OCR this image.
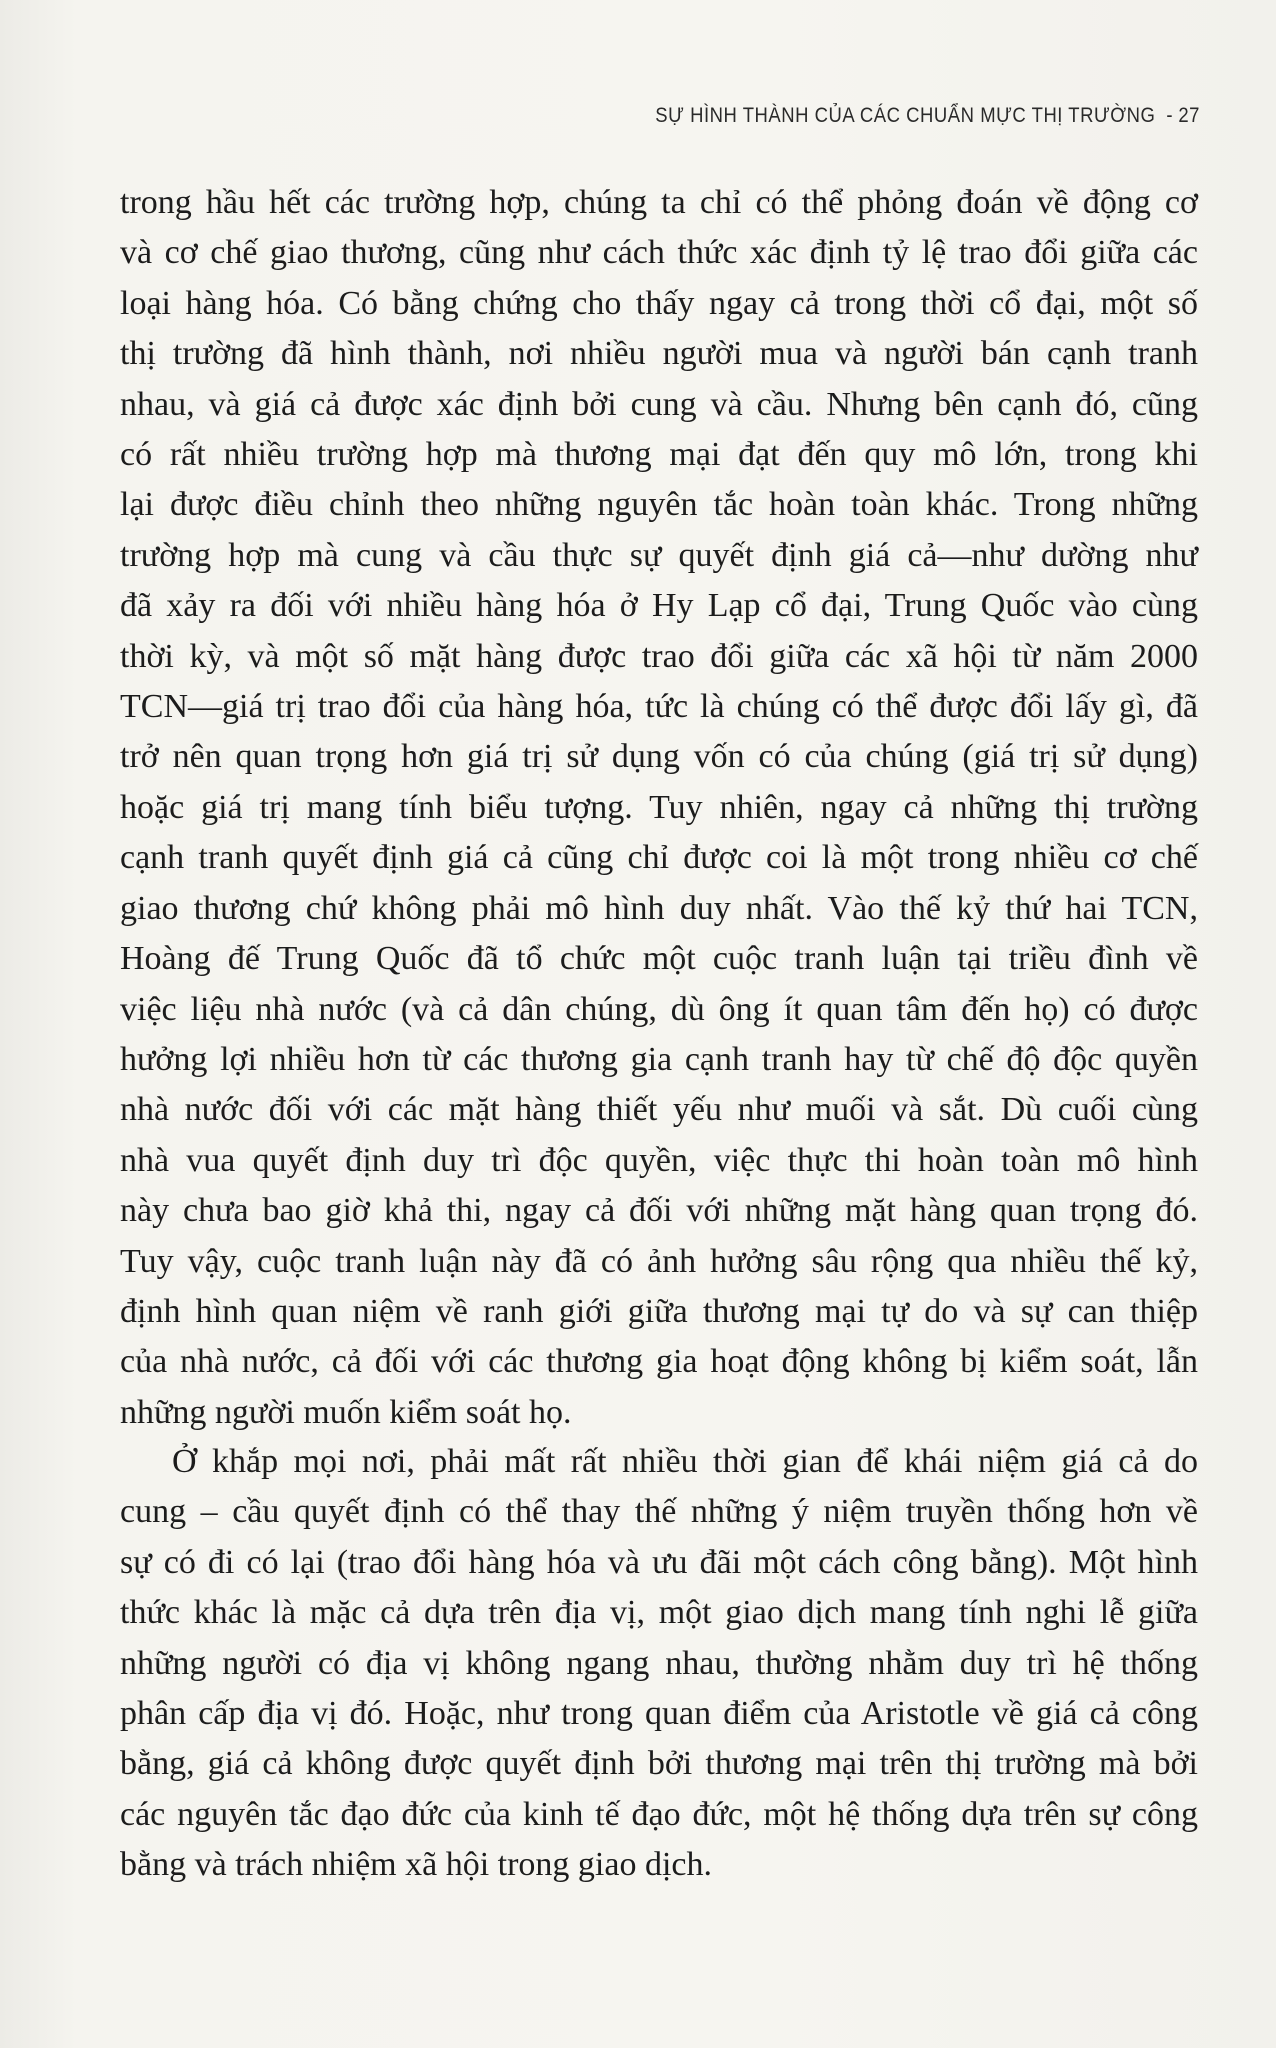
SỰ HÌNH THÀNH CỦA CÁC CHUẨN MỰC THỊ TRƯỜNG - 27
trong hầu hết các trường hợp, chúng ta chỉ có thể phỏng đoán về động cơ
và cơ chế giao thương, cũng như cách thức xác định tỷ lệ trao đổi giữa các
loại hàng hóa. Có bằng chứng cho thấy ngay cả trong thời cổ đại, một số
thị trường đã hình thành, nơi nhiều người mua và người bán cạnh tranh
nhau, và giá cả được xác định bởi cung và cầu. Nhưng bên cạnh đó, cũng
có rất nhiều trường hợp mà thương mại đạt đến quy mô lớn, trong khi
lại được điều chỉnh theo những nguyên tắc hoàn toàn khác. Trong những
trường hợp mà cung và cầu thực sự quyết định giá cả—như dường như
đã xảy ra đối với nhiều hàng hóa ở Hy Lạp cổ đại, Trung Quốc vào cùng
thời kỳ, và một số mặt hàng được trao đổi giữa các xã hội từ năm 2000
TCN—giá trị trao đổi của hàng hóa, tức là chúng có thể được đổi lấy gì, đã
trở nên quan trọng hơn giá trị sử dụng vốn có của chúng (giá trị sử dụng)
hoặc giá trị mang tính biểu tượng. Tuy nhiên, ngay cả những thị trường
cạnh tranh quyết định giá cả cũng chỉ được coi là một trong nhiều cơ chế
giao thương chứ không phải mô hình duy nhất. Vào thế kỷ thứ hai TCN,
Hoàng đế Trung Quốc đã tổ chức một cuộc tranh luận tại triều đình về
việc liệu nhà nước (và cả dân chúng, dù ông ít quan tâm đến họ) có được
hưởng lợi nhiều hơn từ các thương gia cạnh tranh hay từ chế độ độc quyền
nhà nước đối với các mặt hàng thiết yếu như muối và sắt. Dù cuối cùng
nhà vua quyết định duy trì độc quyền, việc thực thi hoàn toàn mô hình
này chưa bao giờ khả thi, ngay cả đối với những mặt hàng quan trọng đó.
Tuy vậy, cuộc tranh luận này đã có ảnh hưởng sâu rộng qua nhiều thế kỷ,
định hình quan niệm về ranh giới giữa thương mại tự do và sự can thiệp
của nhà nước, cả đối với các thương gia hoạt động không bị kiểm soát, lẫn
những người muốn kiểm soát họ.
Ở khắp mọi nơi, phải mất rất nhiều thời gian để khái niệm giá cả do
cung – cầu quyết định có thể thay thế những ý niệm truyền thống hơn về
sự có đi có lại (trao đổi hàng hóa và ưu đãi một cách công bằng). Một hình
thức khác là mặc cả dựa trên địa vị, một giao dịch mang tính nghi lễ giữa
những người có địa vị không ngang nhau, thường nhằm duy trì hệ thống
phân cấp địa vị đó. Hoặc, như trong quan điểm của Aristotle về giá cả công
bằng, giá cả không được quyết định bởi thương mại trên thị trường mà bởi
các nguyên tắc đạo đức của kinh tế đạo đức, một hệ thống dựa trên sự công
bằng và trách nhiệm xã hội trong giao dịch.
